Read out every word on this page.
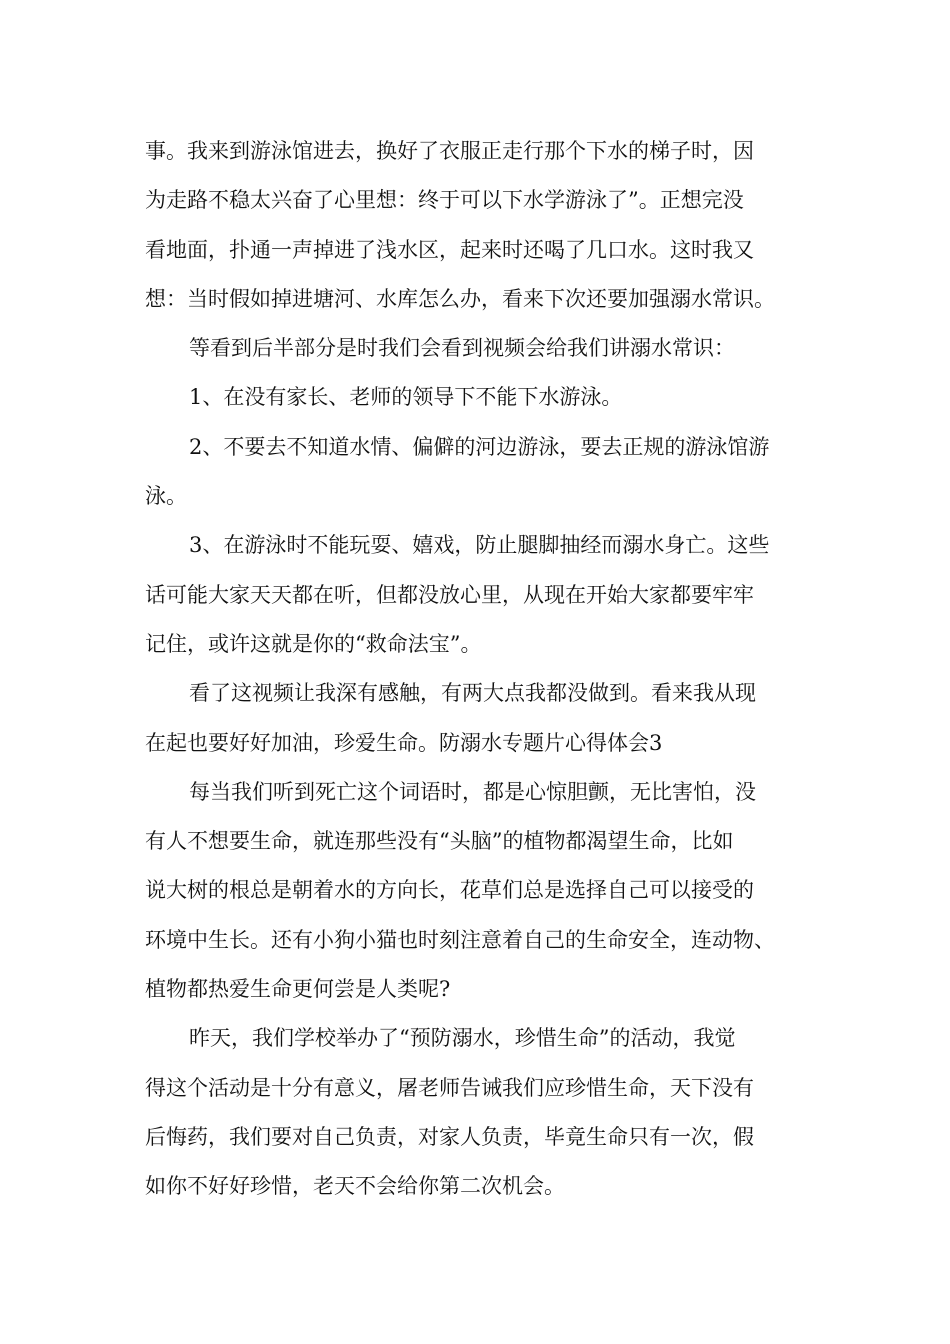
事。我来到游泳馆进去，换好了衣服正走行那个下水的梯子时，因
为走路不稳太兴奋了心里想：终于可以下水学游泳了”。正想完没
看地面，扑通一声掉进了浅水区，起来时还喝了几口水。这时我又
想：当时假如掉进塘河、水库怎么办，看来下次还要加强溺水常识。
等看到后半部分是时我们会看到视频会给我们讲溺水常识：
1、在没有家长、老师的领导下不能下水游泳。
2、不要去不知道水情、偏僻的河边游泳，要去正规的游泳馆游
泳。
3、在游泳时不能玩耍、嬉戏，防止腿脚抽经而溺水身亡。这些
话可能大家天天都在听，但都没放心里，从现在开始大家都要牢牢
记住，或许这就是你的“救命法宝”。
看了这视频让我深有感触，有两大点我都没做到。看来我从现
在起也要好好加油，珍爱生命。防溺水专题片心得体会3
每当我们听到死亡这个词语时，都是心惊胆颤，无比害怕，没
有人不想要生命，就连那些没有“头脑”的植物都渴望生命，比如
说大树的根总是朝着水的方向长，花草们总是选择自己可以接受的
环境中生长。还有小狗小猫也时刻注意着自己的生命安全，连动物、
植物都热爱生命更何尝是人类呢?
昨天，我们学校举办了“预防溺水，珍惜生命”的活动，我觉
得这个活动是十分有意义，屠老师告诫我们应珍惜生命，天下没有
后悔药，我们要对自己负责，对家人负责，毕竟生命只有一次，假
如你不好好珍惜，老天不会给你第二次机会。
